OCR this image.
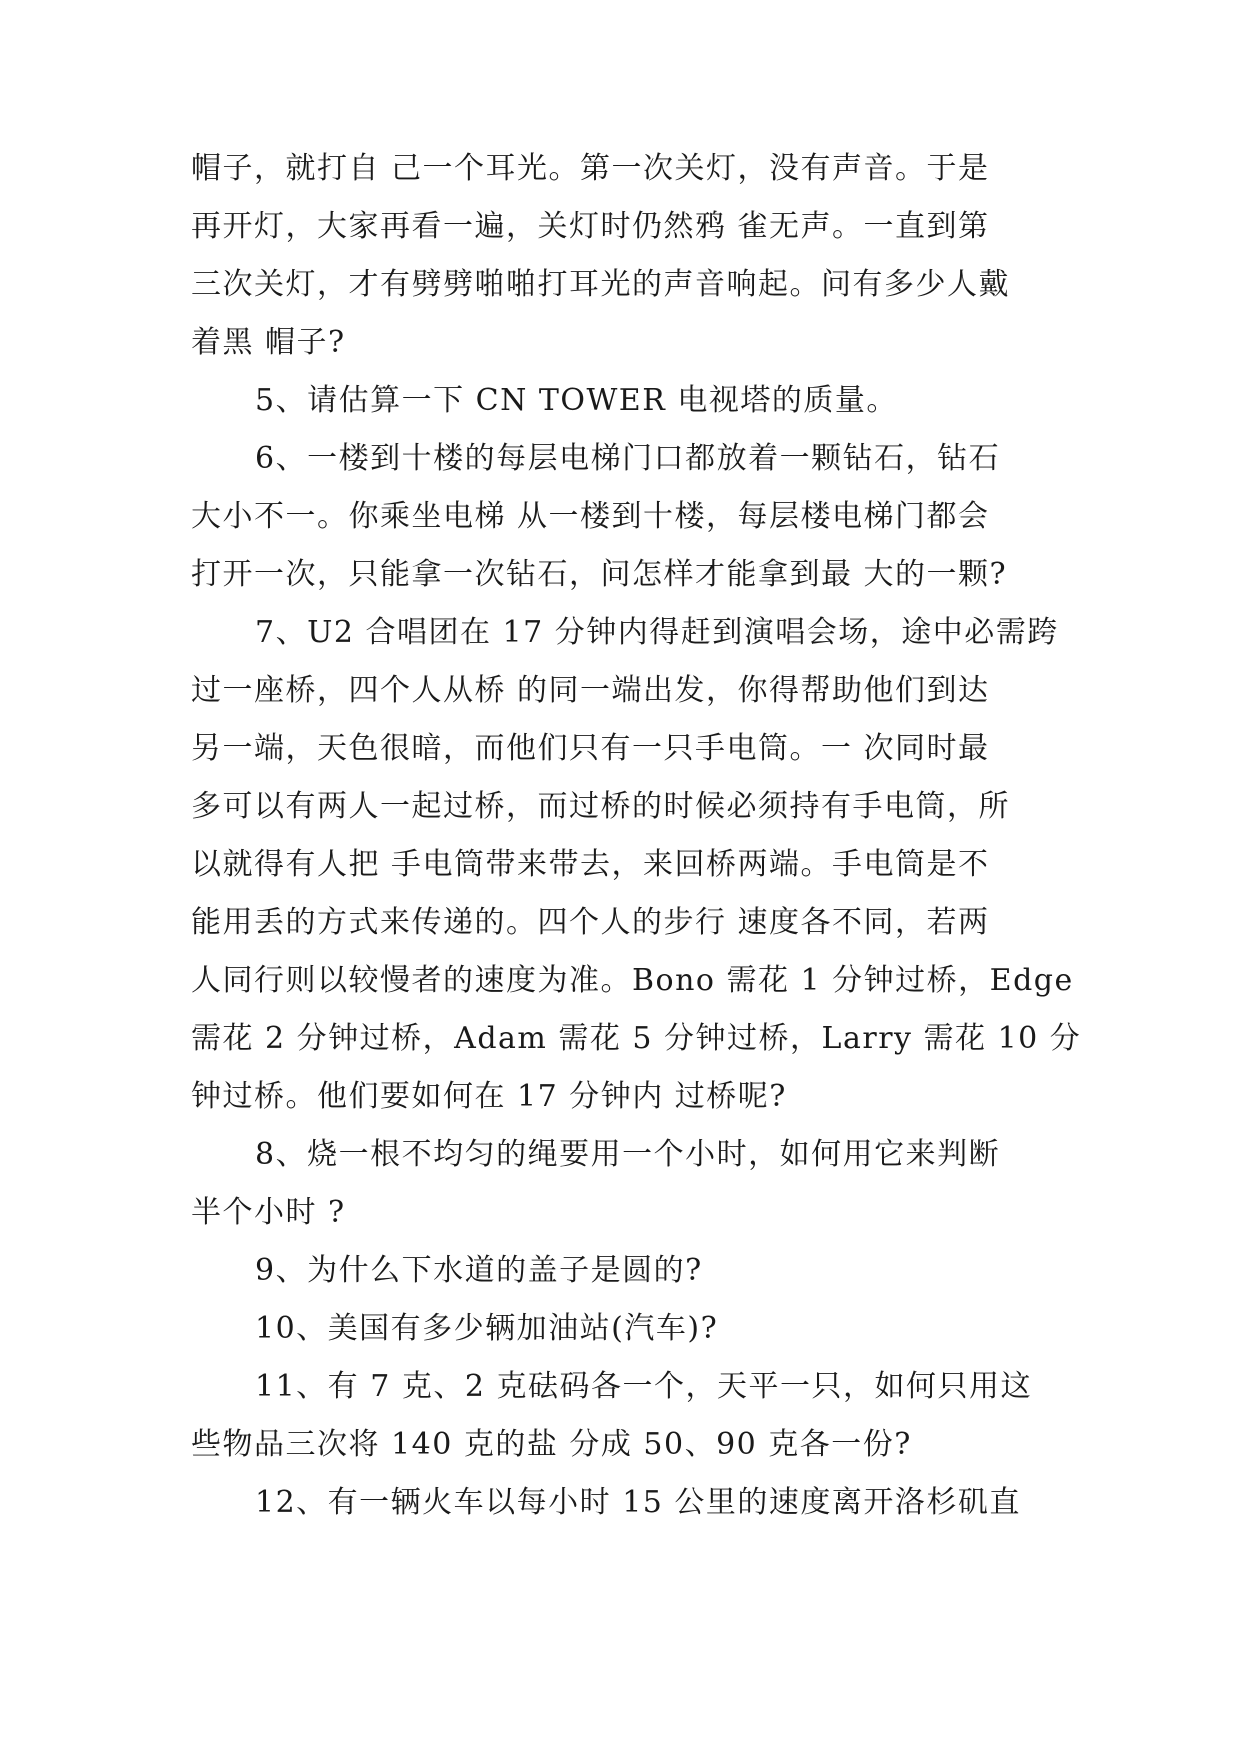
帽子，就打自 己一个耳光。第一次关灯，没有声音。于是
再开灯，大家再看一遍，关灯时仍然鸦 雀无声。一直到第
三次关灯，才有劈劈啪啪打耳光的声音响起。问有多少人戴
着黑 帽子?
5、请估算一下 CN TOWER 电视塔的质量。
6、一楼到十楼的每层电梯门口都放着一颗钻石，钻石
大小不一。你乘坐电梯 从一楼到十楼，每层楼电梯门都会
打开一次，只能拿一次钻石，问怎样才能拿到最 大的一颗?
7、U2 合唱团在 17 分钟内得赶到演唱会场，途中必需跨
过一座桥，四个人从桥 的同一端出发，你得帮助他们到达
另一端，天色很暗，而他们只有一只手电筒。一 次同时最
多可以有两人一起过桥，而过桥的时候必须持有手电筒，所
以就得有人把 手电筒带来带去，来回桥两端。手电筒是不
能用丢的方式来传递的。四个人的步行 速度各不同，若两
人同行则以较慢者的速度为准。Bono 需花 1 分钟过桥，Edge
需花 2 分钟过桥，Adam 需花 5 分钟过桥，Larry 需花 10 分
钟过桥。他们要如何在 17 分钟内 过桥呢?
8、烧一根不均匀的绳要用一个小时，如何用它来判断
半个小时 ?
9、为什么下水道的盖子是圆的?
10、美国有多少辆加油站(汽车)?
11、有 7 克、2 克砝码各一个，天平一只，如何只用这
些物品三次将 140 克的盐 分成 50、90 克各一份?
12、有一辆火车以每小时 15 公里的速度离开洛杉矶直
